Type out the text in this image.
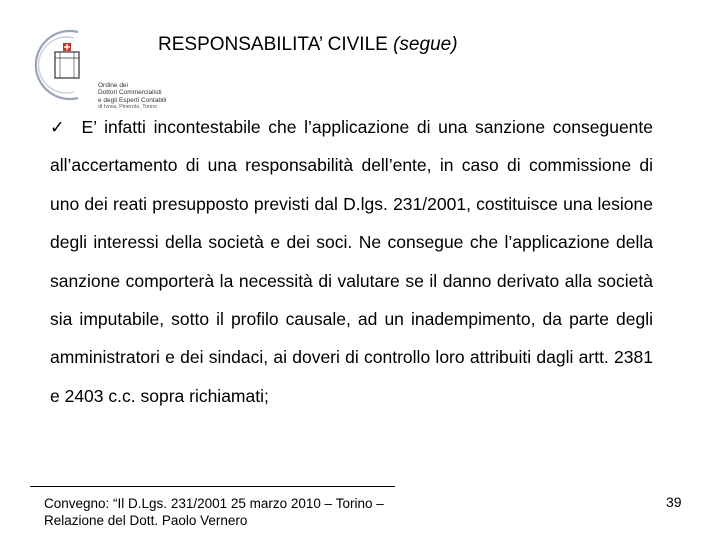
Ordine dei
Dottori Commercialisti
e degli Esperti Contabili
di Ivrea, Pinerolo, Torino
RESPONSABILITA’ CIVILE (segue)
✓ E’ infatti incontestabile che l’applicazione di una sanzione conseguente all’accertamento di una responsabilità dell’ente, in caso di commissione di uno dei reati presupposto previsti dal D.lgs. 231/2001, costituisce una lesione degli interessi della società e dei soci. Ne consegue che l’applicazione della sanzione comporterà la necessità di valutare se il danno derivato alla società sia imputabile, sotto il profilo causale, ad un inadempimento, da parte degli amministratori e dei sindaci, ai doveri di controllo loro attribuiti dagli artt. 2381 e 2403 c.c. sopra richiamati;
Convegno: “Il D.Lgs. 231/2001 25 marzo 2010 – Torino –
Relazione del Dott. Paolo Vernero
39
